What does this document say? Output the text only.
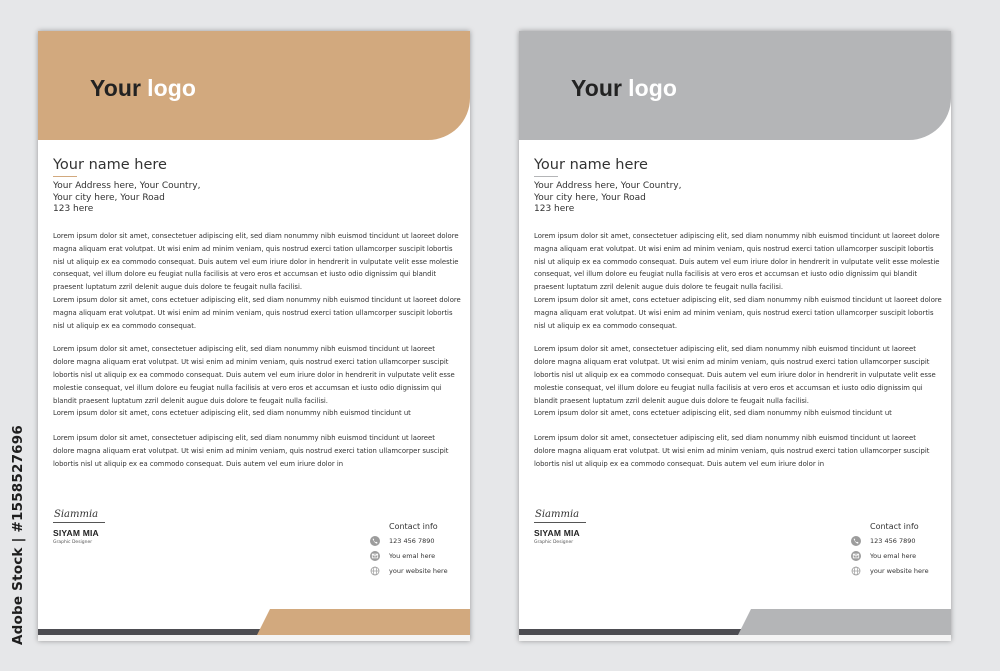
Adobe Stock | #1558527696
Your logo
Your name here
Your Address here, Your Country,
Your city here, Your Road
123 here

Lorem ipsum dolor sit amet, consectetuer adipiscing elit, sed diam nonummy nibh euismod tincidunt ut laoreet dolore

magna aliquam erat volutpat. Ut wisi enim ad minim veniam, quis nostrud exerci tation ullamcorper suscipit lobortis

nisl ut aliquip ex ea commodo consequat. Duis autem vel eum iriure dolor in hendrerit in vulputate velit esse molestie

consequat, vel illum dolore eu feugiat nulla facilisis at vero eros et accumsan et iusto odio dignissim qui blandit

praesent luptatum zzril delenit augue duis dolore te feugait nulla facilisi.

Lorem ipsum dolor sit amet, cons ectetuer adipiscing elit, sed diam nonummy nibh euismod tincidunt ut laoreet dolore

magna aliquam erat volutpat. Ut wisi enim ad minim veniam, quis nostrud exerci tation ullamcorper suscipit lobortis

nisl ut aliquip ex ea commodo consequat.

Lorem ipsum dolor sit amet, consectetuer adipiscing elit, sed diam nonummy nibh euismod tincidunt ut laoreet

dolore magna aliquam erat volutpat. Ut wisi enim ad minim veniam, quis nostrud exerci tation ullamcorper suscipit

lobortis nisl ut aliquip ex ea commodo consequat. Duis autem vel eum iriure dolor in hendrerit in vulputate velit esse

molestie consequat, vel illum dolore eu feugiat nulla facilisis at vero eros et accumsan et iusto odio dignissim qui

blandit praesent luptatum zzril delenit augue duis dolore te feugait nulla facilisi.

Lorem ipsum dolor sit amet, cons ectetuer adipiscing elit, sed diam nonummy nibh euismod tincidunt ut

Lorem ipsum dolor sit amet, consectetuer adipiscing elit, sed diam nonummy nibh euismod tincidunt ut laoreet

dolore magna aliquam erat volutpat. Ut wisi enim ad minim veniam, quis nostrud exerci tation ullamcorper suscipit

lobortis nisl ut aliquip ex ea commodo consequat. Duis autem vel eum iriure dolor in

Siammia
SIYAM MIA
Graphic Designer
Contact info
123 456 7890
You emal here
your website here
Your logo
Your name here
Your Address here, Your Country,
Your city here, Your Road
123 here

Lorem ipsum dolor sit amet, consectetuer adipiscing elit, sed diam nonummy nibh euismod tincidunt ut laoreet dolore

magna aliquam erat volutpat. Ut wisi enim ad minim veniam, quis nostrud exerci tation ullamcorper suscipit lobortis

nisl ut aliquip ex ea commodo consequat. Duis autem vel eum iriure dolor in hendrerit in vulputate velit esse molestie

consequat, vel illum dolore eu feugiat nulla facilisis at vero eros et accumsan et iusto odio dignissim qui blandit

praesent luptatum zzril delenit augue duis dolore te feugait nulla facilisi.

Lorem ipsum dolor sit amet, cons ectetuer adipiscing elit, sed diam nonummy nibh euismod tincidunt ut laoreet dolore

magna aliquam erat volutpat. Ut wisi enim ad minim veniam, quis nostrud exerci tation ullamcorper suscipit lobortis

nisl ut aliquip ex ea commodo consequat.

Lorem ipsum dolor sit amet, consectetuer adipiscing elit, sed diam nonummy nibh euismod tincidunt ut laoreet

dolore magna aliquam erat volutpat. Ut wisi enim ad minim veniam, quis nostrud exerci tation ullamcorper suscipit

lobortis nisl ut aliquip ex ea commodo consequat. Duis autem vel eum iriure dolor in hendrerit in vulputate velit esse

molestie consequat, vel illum dolore eu feugiat nulla facilisis at vero eros et accumsan et iusto odio dignissim qui

blandit praesent luptatum zzril delenit augue duis dolore te feugait nulla facilisi.

Lorem ipsum dolor sit amet, cons ectetuer adipiscing elit, sed diam nonummy nibh euismod tincidunt ut

Lorem ipsum dolor sit amet, consectetuer adipiscing elit, sed diam nonummy nibh euismod tincidunt ut laoreet

dolore magna aliquam erat volutpat. Ut wisi enim ad minim veniam, quis nostrud exerci tation ullamcorper suscipit

lobortis nisl ut aliquip ex ea commodo consequat. Duis autem vel eum iriure dolor in

Siammia
SIYAM MIA
Graphic Designer
Contact info
123 456 7890
You emal here
your website here
